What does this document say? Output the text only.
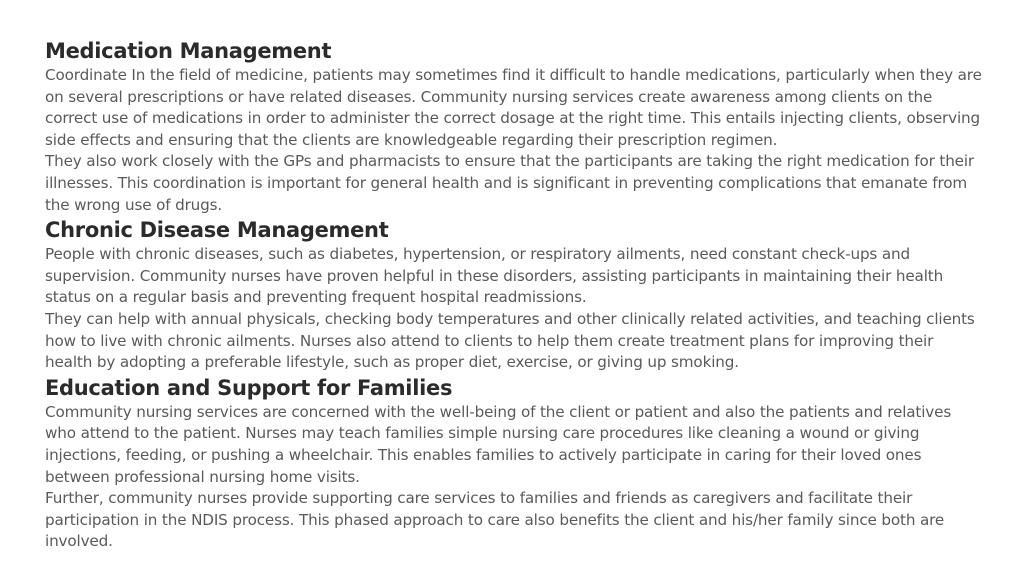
Medication Management

Coordinate In the field of medicine, patients may sometimes find it difficult to handle medications, particularly when they are on several prescriptions or have related diseases. Community nursing services create awareness among clients on the correct use of medications in order to administer the correct dosage at the right time. This entails injecting clients, observing side effects and ensuring that the clients are knowledgeable regarding their prescription regimen.

They also work closely with the GPs and pharmacists to ensure that the participants are taking the right medication for their illnesses. This coordination is important for general health and is significant in preventing complications that emanate from the wrong use of drugs.

Chronic Disease Management

People with chronic diseases, such as diabetes, hypertension, or respiratory ailments, need constant check-ups and supervision. Community nurses have proven helpful in these disorders, assisting participants in maintaining their health status on a regular basis and preventing frequent hospital readmissions.

They can help with annual physicals, checking body temperatures and other clinically related activities, and teaching clients how to live with chronic ailments. Nurses also attend to clients to help them create treatment plans for improving their health by adopting a preferable lifestyle, such as proper diet, exercise, or giving up smoking.

Education and Support for Families

Community nursing services are concerned with the well-being of the client or patient and also the patients and relatives who attend to the patient. Nurses may teach families simple nursing care procedures like cleaning a wound or giving injections, feeding, or pushing a wheelchair. This enables families to actively participate in caring for their loved ones between professional nursing home visits.

Further, community nurses provide supporting care services to families and friends as caregivers and facilitate their participation in the NDIS process. This phased approach to care also benefits the client and his/her family since both are involved.
